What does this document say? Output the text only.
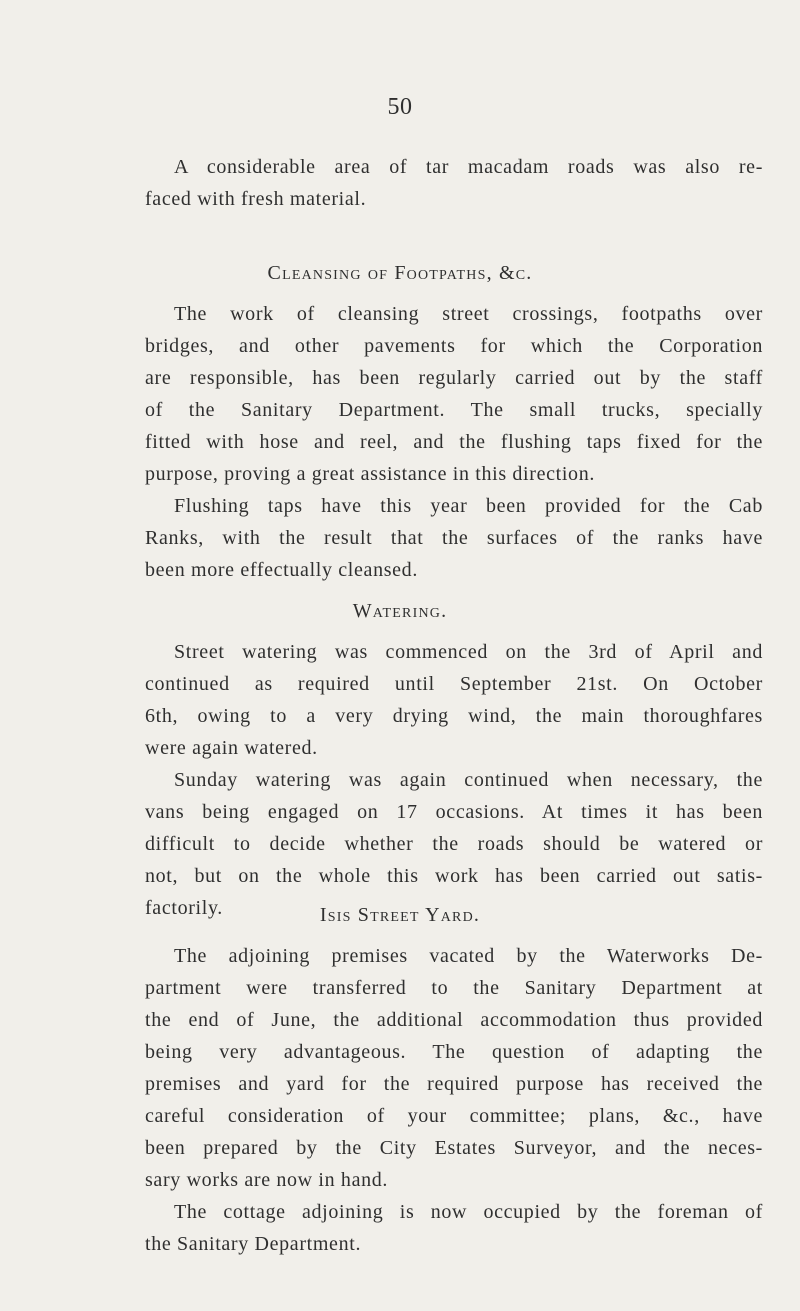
50
A considerable area of tar macadam roads was also re-
faced with fresh material.
Cleansing of Footpaths, &c.
The work of cleansing street crossings, footpaths over
bridges, and other pavements for which the Corporation
are responsible, has been regularly carried out by the staff
of the Sanitary Department. The small trucks, specially
fitted with hose and reel, and the flushing taps fixed for the
purpose, proving a great assistance in this direction.
Flushing taps have this year been provided for the Cab
Ranks, with the result that the surfaces of the ranks have
been more effectually cleansed.
Watering.
Street watering was commenced on the 3rd of April and
continued as required until September 21st. On October
6th, owing to a very drying wind, the main thoroughfares
were again watered.
Sunday watering was again continued when necessary, the
vans being engaged on 17 occasions. At times it has been
difficult to decide whether the roads should be watered or
not, but on the whole this work has been carried out satis-
factorily.	Isis Street Yard.
The adjoining premises vacated by the Waterworks De-
partment were transferred to the Sanitary Department at
the end of June, the additional accommodation thus provided
being very advantageous. The question of adapting the
premises and yard for the required purpose has received the
careful consideration of your committee; plans, &c., have
been prepared by the City Estates Surveyor, and the neces-
sary works are now in hand.
The cottage adjoining is now occupied by the foreman of
the Sanitary Department.
